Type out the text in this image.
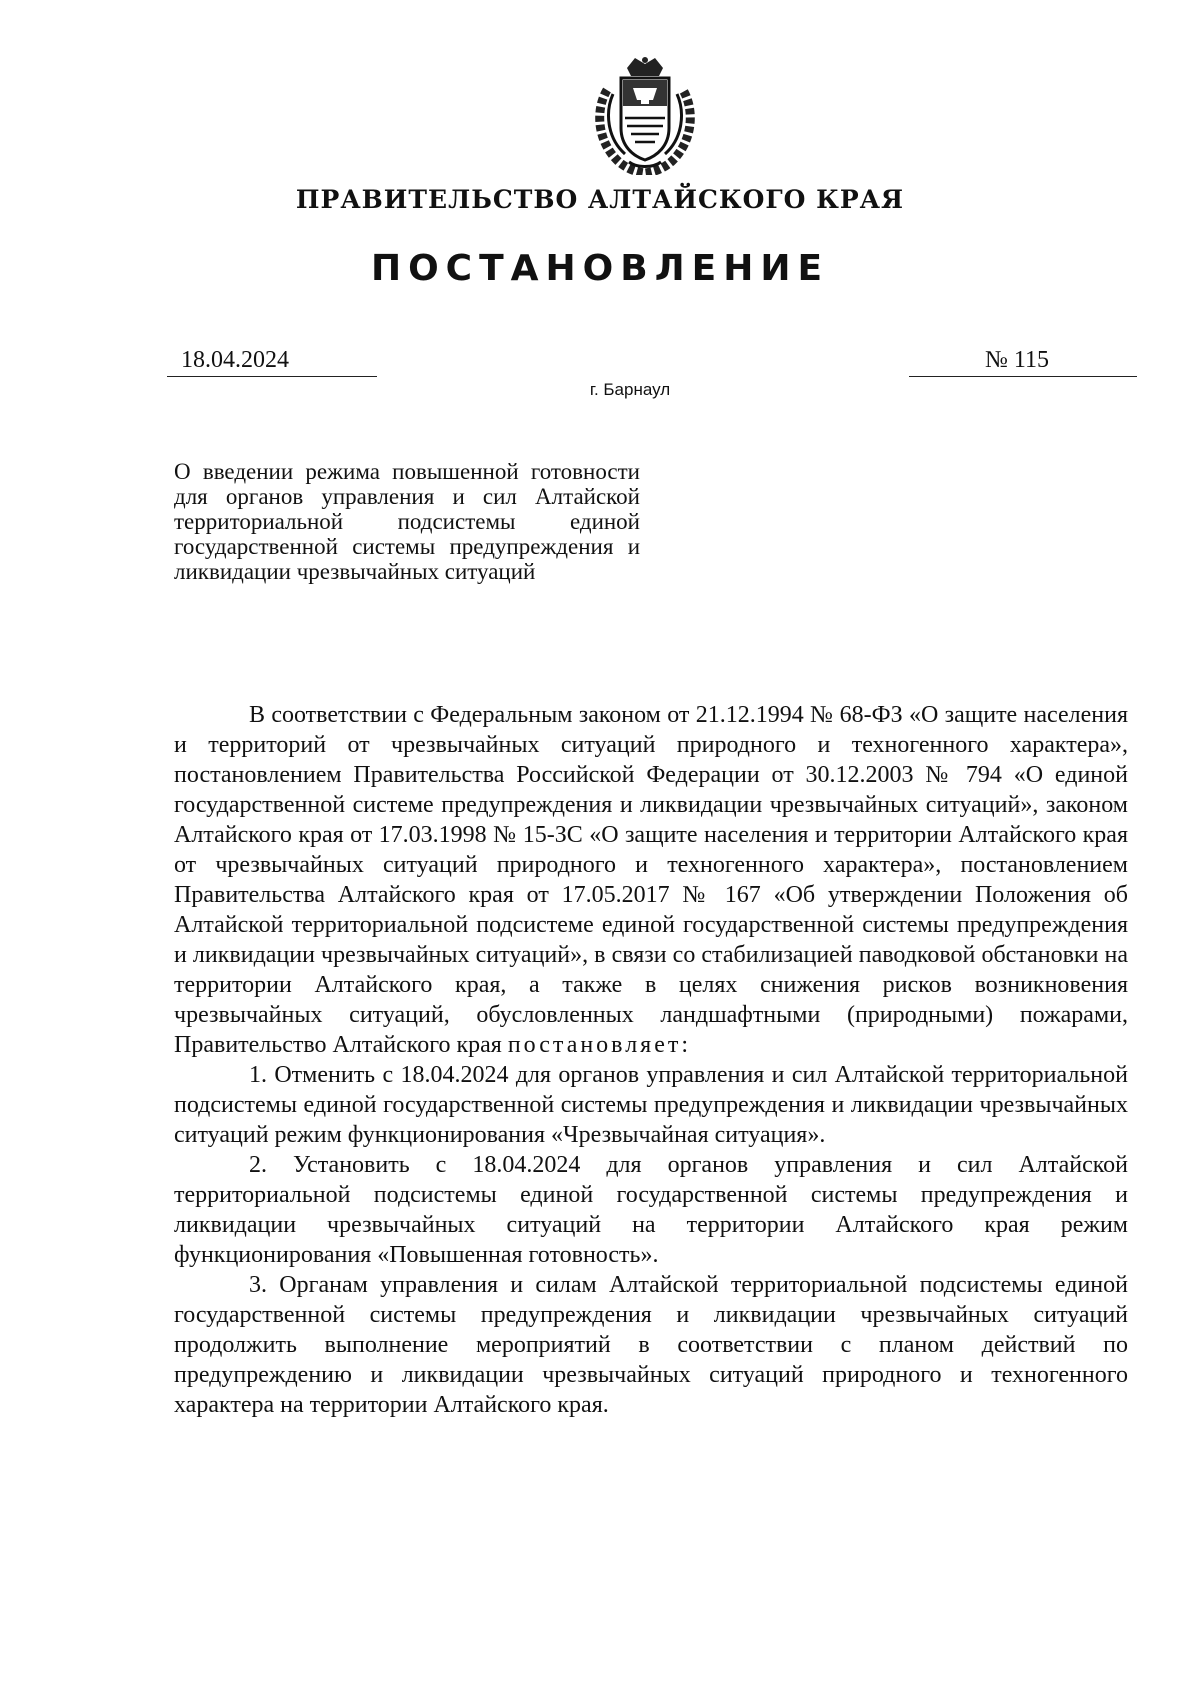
ПРАВИТЕЛЬСТВО АЛТАЙСКОГО КРАЯ
ПОСТАНОВЛЕНИЕ
18.04.2024	№ 115
г. Барнаул
О введении режима повышенной готовности для органов управления и сил Алтайской территориальной подсистемы единой государственной системы предупреждения и ликвидации чрезвычайных ситуаций

В соответствии с Федеральным законом от 21.12.1994 № 68-ФЗ «О защите населения и территорий от чрезвычайных ситуаций природного и техногенного характера», постановлением Правительства Российской Федерации от 30.12.2003 № 794 «О единой государственной системе предупреждения и ликвидации чрезвычайных ситуаций», законом Алтайского края от 17.03.1998 № 15-ЗС «О защите населения и территории Алтайского края от чрезвычайных ситуаций природного и техногенного характера», постановлением Правительства Алтайского края от 17.05.2017 № 167 «Об утверждении Положения об Алтайской территориальной подсистеме единой государственной системы предупреждения и ликвидации чрезвычайных ситуаций», в связи со стабилизацией паводковой обстановки на территории Алтайского края, а также в целях снижения рисков возникновения чрезвычайных ситуаций, обусловленных ландшафтными (природными) пожарами, Правительство Алтайского края постановляет:

1. Отменить с 18.04.2024 для органов управления и сил Алтайской территориальной подсистемы единой государственной системы предупреждения и ликвидации чрезвычайных ситуаций режим функционирования «Чрезвычайная ситуация».

2. Установить с 18.04.2024 для органов управления и сил Алтайской территориальной подсистемы единой государственной системы предупреждения и ликвидации чрезвычайных ситуаций на территории Алтайского края режим функционирования «Повышенная готовность».

3. Органам управления и силам Алтайской территориальной подсистемы единой государственной системы предупреждения и ликвидации чрезвычайных ситуаций продолжить выполнение мероприятий в соответствии с планом действий по предупреждению и ликвидации чрезвычайных ситуаций природного и техногенного характера на территории Алтайского края.
